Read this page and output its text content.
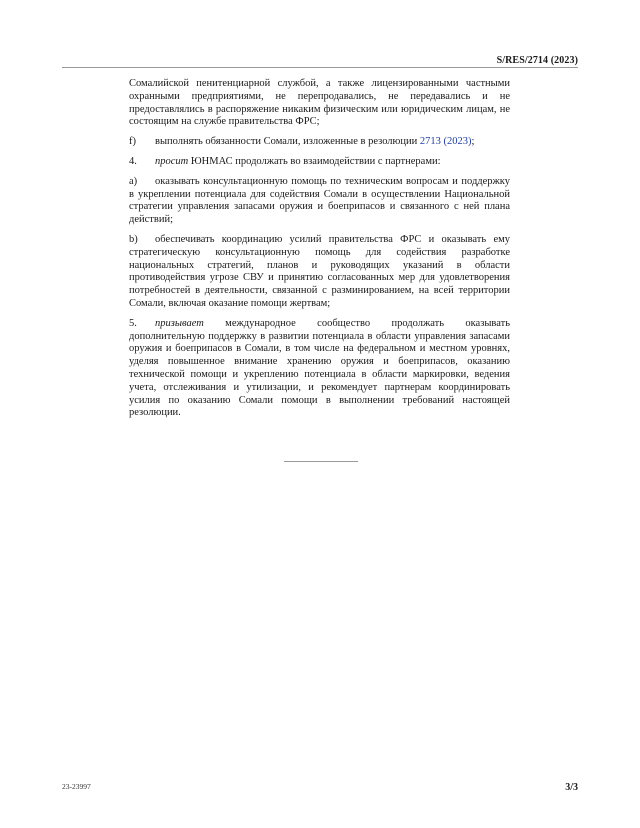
S/RES/2714 (2023)

Сомалийской пенитенциарной службой, а также лицензированными частными охранными предприятиями, не перепродавались, не передавались и не предоставлялись в распоряжение никаким физическим или юридическим лицам, не состоящим на службе правительства ФРС;

f) выполнять обязанности Сомали, изложенные в резолюции 2713 (2023);

4. просит ЮНМАС продолжать во взаимодействии с партнерами:

a) оказывать консультационную помощь по техническим вопросам и поддержку в укреплении потенциала для содействия Сомали в осуществлении Национальной стратегии управления запасами оружия и боеприпасов и связанного с ней плана действий;

b) обеспечивать координацию усилий правительства ФРС и оказывать ему стратегическую консультационную помощь для содействия разработке национальных стратегий, планов и руководящих указаний в области противодействия угрозе СВУ и принятию согласованных мер для удовлетворения потребностей в деятельности, связанной с разминированием, на всей территории Сомали, включая оказание помощи жертвам;

5. призывает международное сообщество продолжать оказывать дополнительную поддержку в развитии потенциала в области управления запасами оружия и боеприпасов в Сомали, в том числе на федеральном и местном уровнях, уделяя повышенное внимание хранению оружия и боеприпасов, оказанию технической помощи и укреплению потенциала в области маркировки, ведения учета, отслеживания и утилизации, и рекомендует партнерам координировать усилия по оказанию Сомали помощи в выполнении требований настоящей резолюции.

23-23997	3/3
